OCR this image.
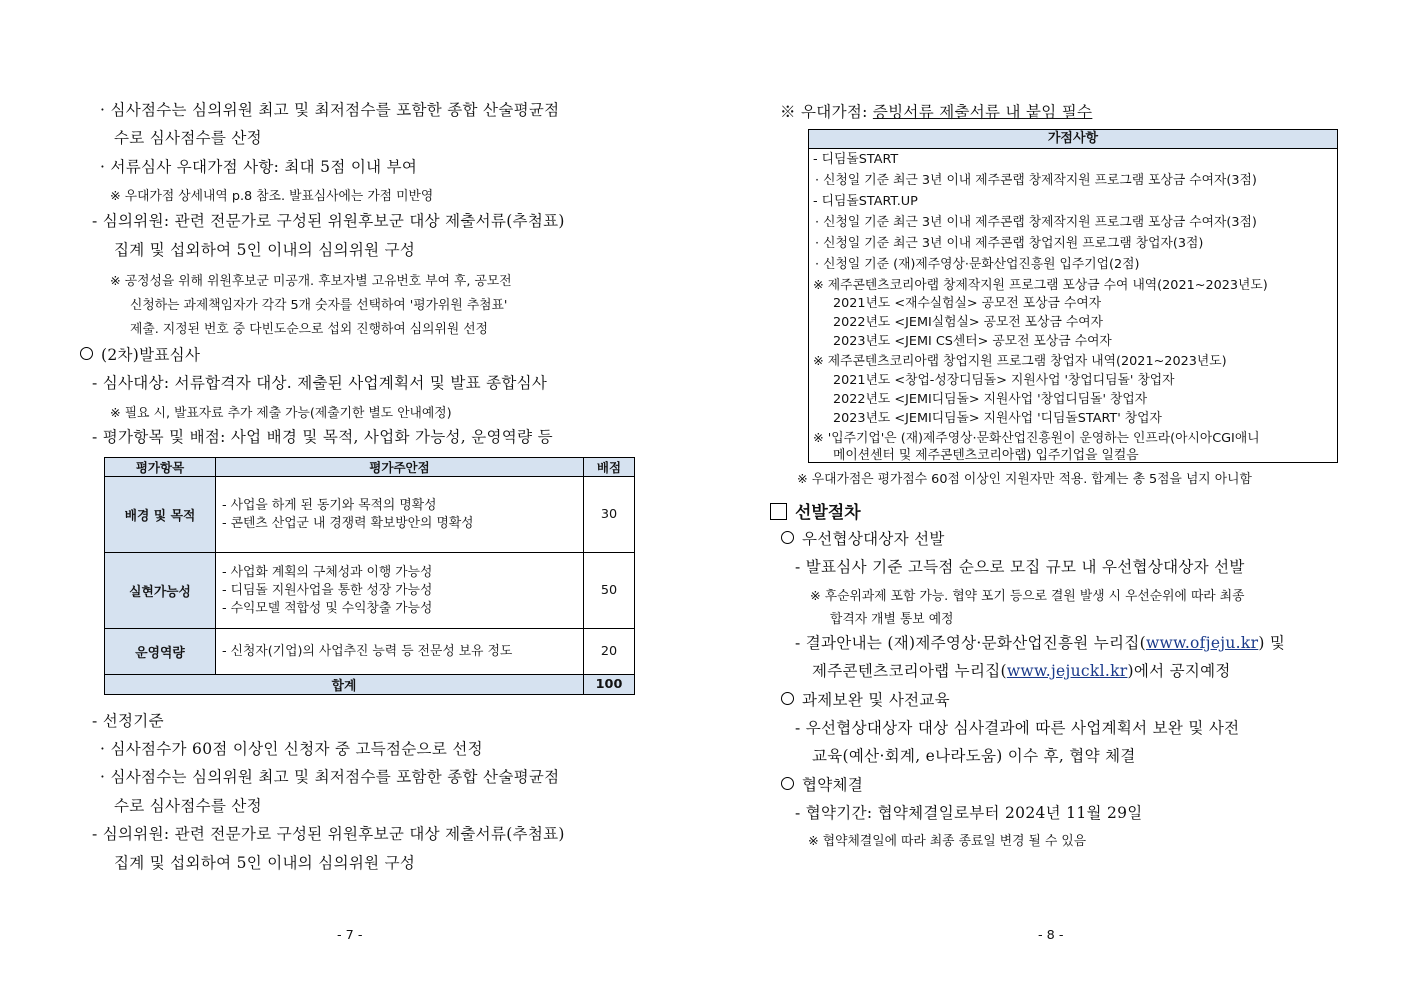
· 심사점수는 심의위원 최고 및 최저점수를 포함한 종합 산술평균점
수로 심사점수를 산정
· 서류심사 우대가점 사항: 최대 5점 이내 부여
※ 우대가점 상세내역 p.8 참조. 발표심사에는 가점 미반영
- 심의위원: 관련 전문가로 구성된 위원후보군 대상 제출서류(추첨표)
집계 및 섭외하여 5인 이내의 심의위원 구성
※ 공정성을 위해 위원후보군 미공개. 후보자별 고유번호 부여 후, 공모전
신청하는 과제책임자가 각각 5개 숫자를 선택하여 '평가위원 추첨표'
제출. 지정된 번호 중 다빈도순으로 섭외 진행하여 심의위원 선정
(2차)발표심사
- 심사대상: 서류합격자 대상. 제출된 사업계획서 및 발표 종합심사
※ 필요 시, 발표자료 추가 제출 가능(제출기한 별도 안내예정)
- 평가항목 및 배점: 사업 배경 및 목적, 사업화 가능성, 운영역량 등
평가항목	평가주안점	배점
배경 및 목적	- 사업을 하게 된 동기와 목적의 명확성
- 콘텐츠 산업군 내 경쟁력 확보방안의 명확성	30
실현가능성	- 사업화 계획의 구체성과 이행 가능성
- 디딤돌 지원사업을 통한 성장 가능성
- 수익모델 적합성 및 수익창출 가능성	50
운영역량	- 신청자(기업)의 사업추진 능력 등 전문성 보유 정도	20
합계		100
- 선정기준
· 심사점수가 60점 이상인 신청자 중 고득점순으로 선정
· 심사점수는 심의위원 최고 및 최저점수를 포함한 종합 산술평균점
수로 심사점수를 산정
- 심의위원: 관련 전문가로 구성된 위원후보군 대상 제출서류(추첨표)
집계 및 섭외하여 5인 이내의 심의위원 구성
- 7 -
※ 우대가점: 증빙서류 제출서류 내 붙임 필수
가점사항
- 디딤돌START
· 신청일 기준 최근 3년 이내 제주콘랩 창제작지원 프로그램 포상금 수여자(3점)
- 디딤돌START.UP
· 신청일 기준 최근 3년 이내 제주콘랩 창제작지원 프로그램 포상금 수여자(3점)
· 신청일 기준 최근 3년 이내 제주콘랩 창업지원 프로그램 창업자(3점)
· 신청일 기준 (재)제주영상·문화산업진흥원 입주기업(2점)
※ 제주콘텐츠코리아랩 창제작지원 프로그램 포상금 수여 내역(2021~2023년도)
2021년도 <재수실험실> 공모전 포상금 수여자
2022년도 <JEMI실험실> 공모전 포상금 수여자
2023년도 <JEMI CS센터> 공모전 포상금 수여자
※ 제주콘텐츠코리아랩 창업지원 프로그램 창업자 내역(2021~2023년도)
2021년도 <창업-성장디딤돌> 지원사업 '창업디딤돌' 창업자
2022년도 <JEMI디딤돌> 지원사업 '창업디딤돌' 창업자
2023년도 <JEMI디딤돌> 지원사업 '디딤돌START' 창업자
※ '입주기업'은 (재)제주영상·문화산업진흥원이 운영하는 인프라(아시아CGI애니
메이션센터 및 제주콘텐츠코리아랩) 입주기업을 일컬음
※ 우대가점은 평가점수 60점 이상인 지원자만 적용. 합계는 총 5점을 넘지 아니함
선발절차
우선협상대상자 선발
- 발표심사 기준 고득점 순으로 모집 규모 내 우선협상대상자 선발
※ 후순위과제 포함 가능. 협약 포기 등으로 결원 발생 시 우선순위에 따라 최종
합격자 개별 통보 예정
- 결과안내는 (재)제주영상·문화산업진흥원 누리집(www.ofjeju.kr) 및
제주콘텐츠코리아랩 누리집(www.jejuckl.kr)에서 공지예정
과제보완 및 사전교육
- 우선협상대상자 대상 심사결과에 따른 사업계획서 보완 및 사전
교육(예산·회계, e나라도움) 이수 후, 협약 체결
협약체결
- 협약기간: 협약체결일로부터 2024년 11월 29일
※ 협약체결일에 따라 최종 종료일 변경 될 수 있음
- 8 -
